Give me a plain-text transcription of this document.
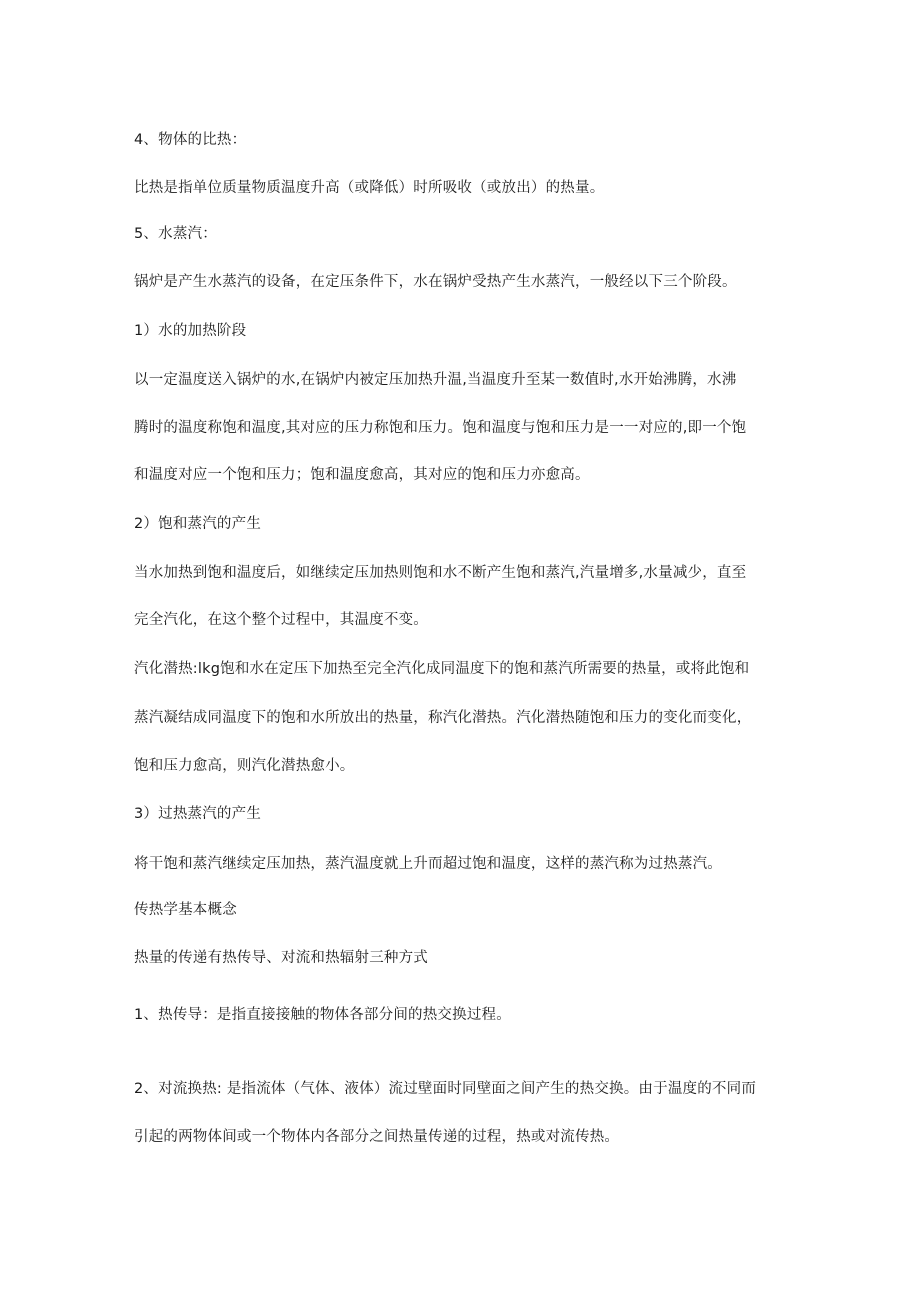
4、物体的比热：

比热是指单位质量物质温度升高（或降低）时所吸收（或放出）的热量。

5、水蒸汽：

锅炉是产生水蒸汽的设备，在定压条件下，水在锅炉受热产生水蒸汽，一般经以下三个阶段。

1）水的加热阶段

以一定温度送入锅炉的水,在锅炉内被定压加热升温,当温度升至某一数值时,水开始沸腾，水沸

腾时的温度称饱和温度,其对应的压力称饱和压力。饱和温度与饱和压力是一一对应的,即一个饱

和温度对应一个饱和压力；饱和温度愈高，其对应的饱和压力亦愈高。

2）饱和蒸汽的产生

当水加热到饱和温度后，如继续定压加热则饱和水不断产生饱和蒸汽,汽量增多,水量减少，直至

完全汽化，在这个整个过程中，其温度不变。

汽化潜热:lkg饱和水在定压下加热至完全汽化成同温度下的饱和蒸汽所需要的热量，或将此饱和

蒸汽凝结成同温度下的饱和水所放出的热量，称汽化潜热。汽化潜热随饱和压力的变化而变化，

饱和压力愈高，则汽化潜热愈小。

3）过热蒸汽的产生

将干饱和蒸汽继续定压加热，蒸汽温度就上升而超过饱和温度，这样的蒸汽称为过热蒸汽。

传热学基本概念

热量的传递有热传导、对流和热辐射三种方式

1、热传导：是指直接接触的物体各部分间的热交换过程。

2、对流换热: 是指流体（气体、液体）流过壁面时同壁面之间产生的热交换。由于温度的不同而

引起的两物体间或一个物体内各部分之间热量传递的过程，热或对流传热。
